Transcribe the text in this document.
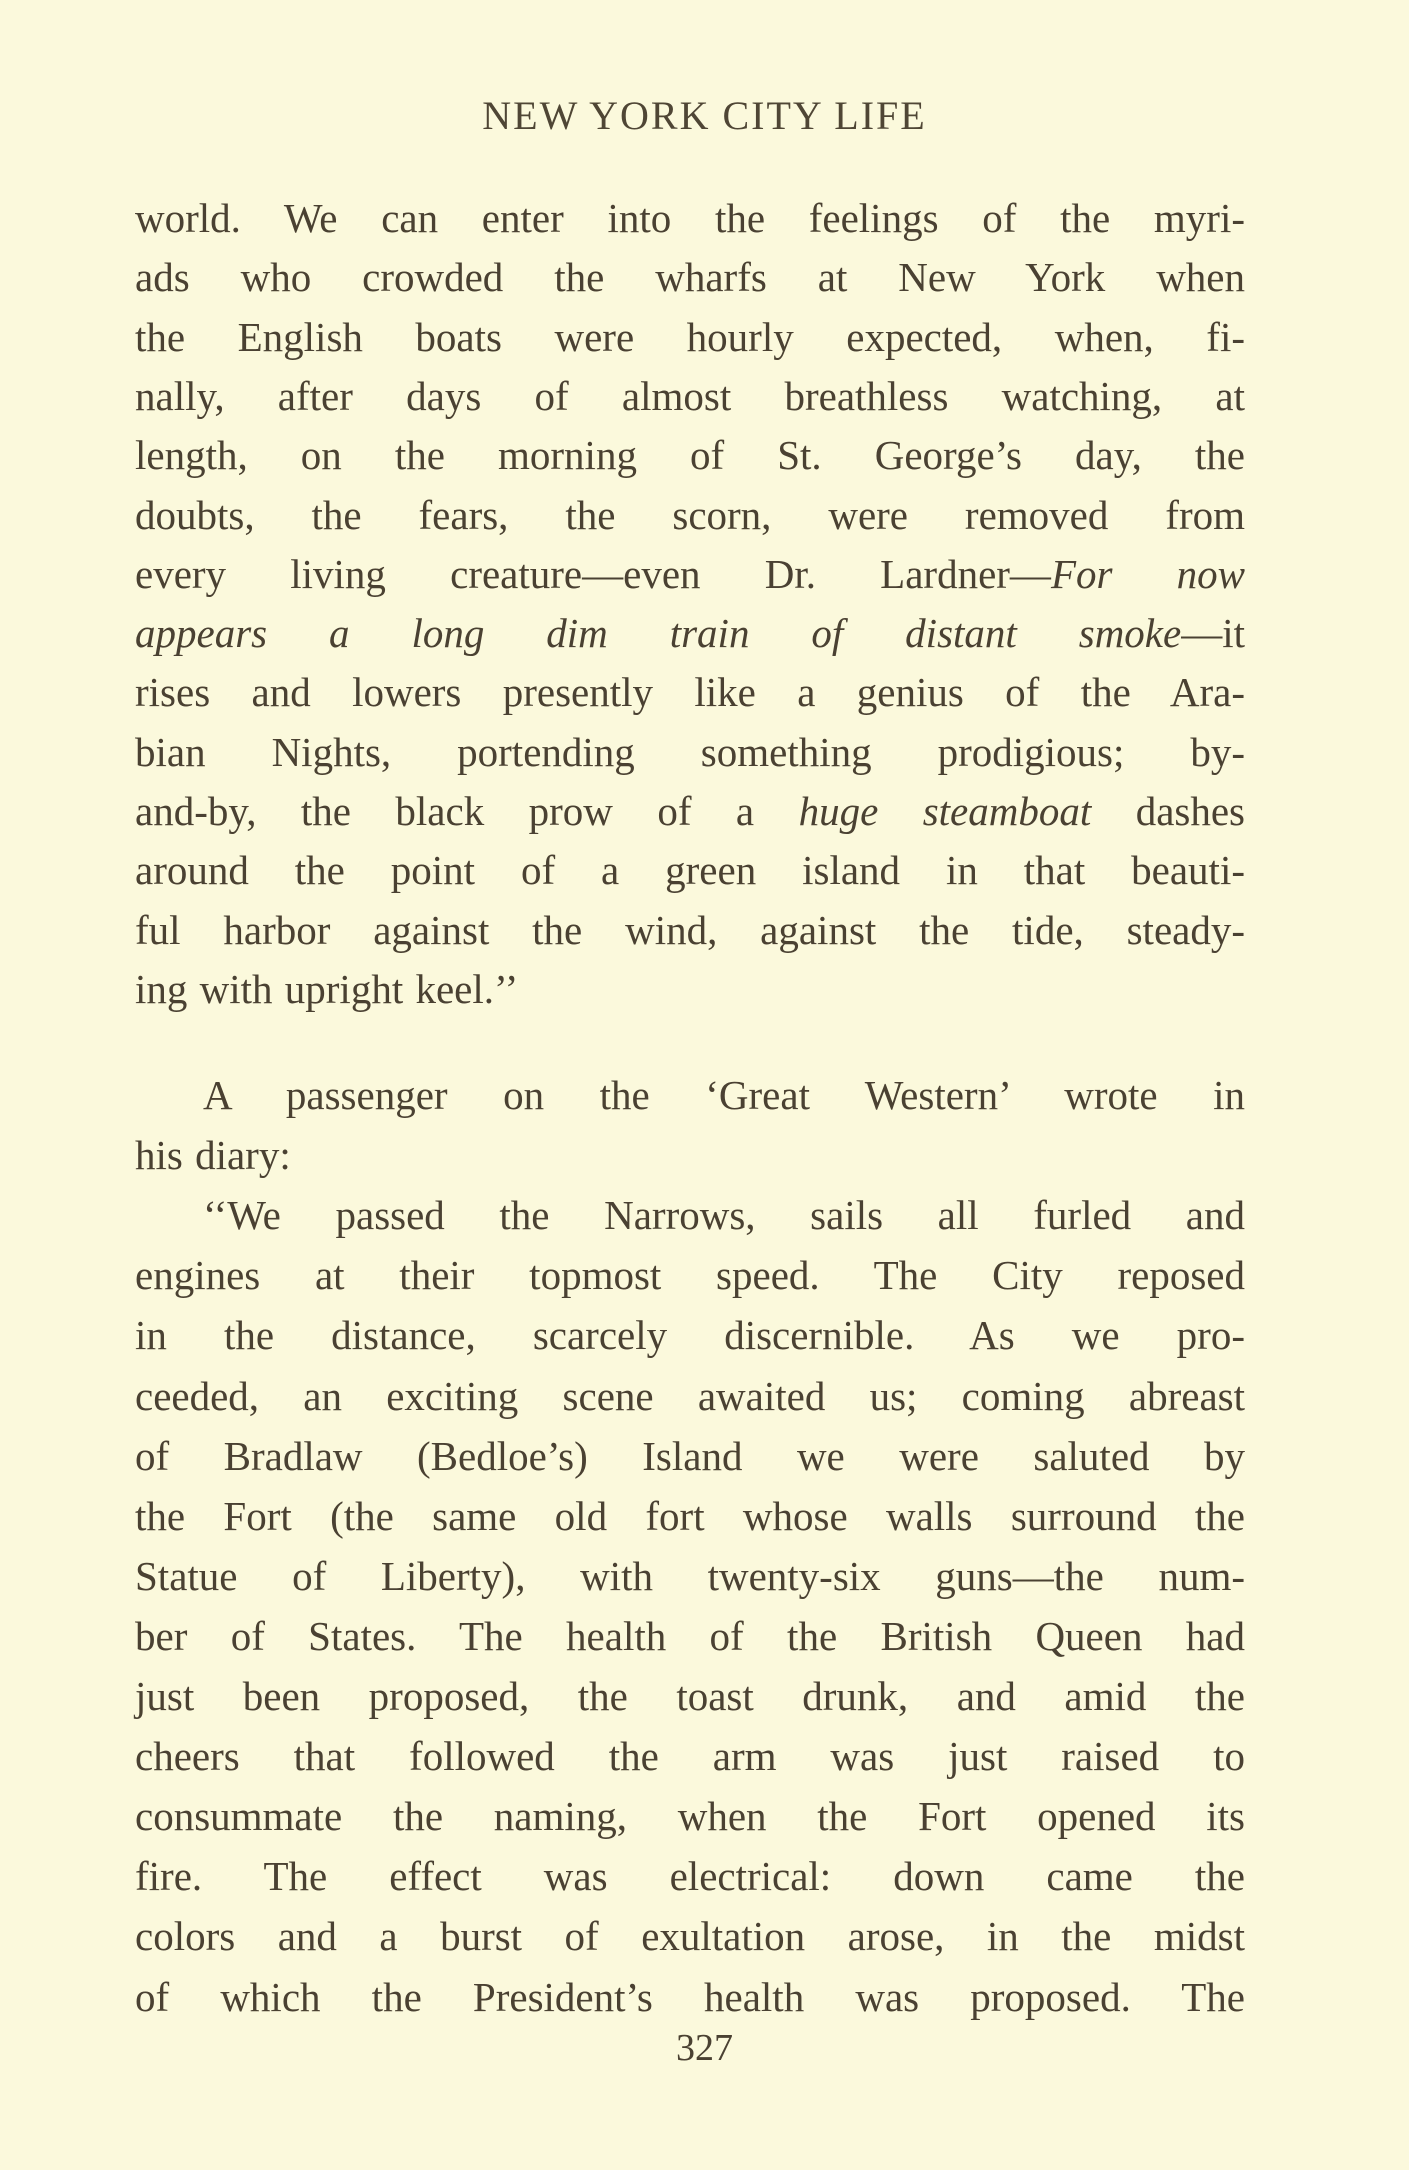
NEW YORK CITY LIFE
world. We can enter into the feelings of the myri-
ads who crowded the wharfs at New York when
the English boats were hourly expected, when, fi-
nally, after days of almost breathless watching, at
length, on the morning of St. George’s day, the
doubts, the fears, the scorn, were removed from
every living creature—even Dr. Lardner—For now
appears a long dim train of distant smoke—it
rises and lowers presently like a genius of the Ara-
bian Nights, portending something prodigious; by-
and-by, the black prow of a huge steamboat dashes
around the point of a green island in that beauti-
ful harbor against the wind, against the tide, steady-
ing with upright keel.’’
A passenger on the ‘Great Western’ wrote in
his diary:
‘‘We passed the Narrows, sails all furled and
engines at their topmost speed. The City reposed
in the distance, scarcely discernible. As we pro-
ceeded, an exciting scene awaited us; coming abreast
of Bradlaw (Bedloe’s) Island we were saluted by
the Fort (the same old fort whose walls surround the
Statue of Liberty), with twenty-six guns—the num-
ber of States. The health of the British Queen had
just been proposed, the toast drunk, and amid the
cheers that followed the arm was just raised to
consummate the naming, when the Fort opened its
fire. The effect was electrical: down came the
colors and a burst of exultation arose, in the midst
of which the President’s health was proposed. The
327
